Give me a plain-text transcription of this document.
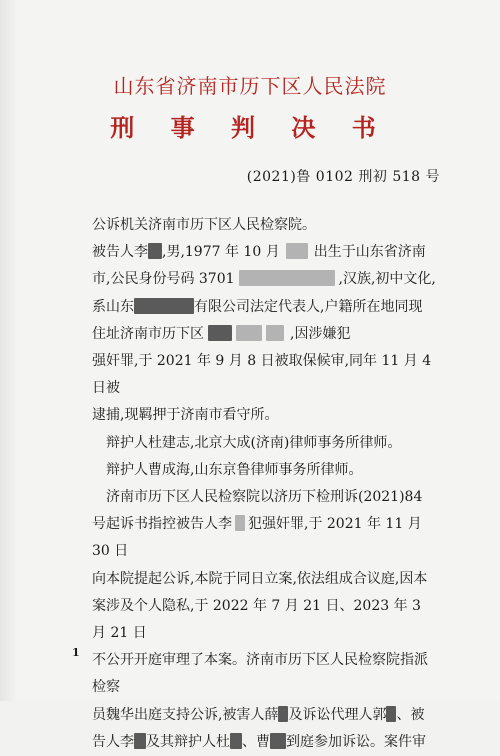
山东省济南市历下区人民法院
刑 事 判 决 书
(2021)鲁 0102 刑初 518 号

公诉机关济南市历下区人民检察院。

被告人李 ,男,1977 年 10 月 出生于山东省济南

市,公民身份号码 3701	,汉族,初中文化,

系山东	有限公司法定代表人,户籍所在地同现

住址济南市历下区	,因涉嫌犯

强奸罪,于 2021 年 9 月 8 日被取保候审,同年 11 月 4 日被

逮捕,现羁押于济南市看守所。

辩护人杜建志,北京大成(济南)律师事务所律师。

辩护人曹成海,山东京鲁律师事务所律师。

济南市历下区人民检察院以济历下检刑诉(2021)84

号起诉书指控被告人李 犯强奸罪,于 2021 年 11 月 30 日

向本院提起公诉,本院于同日立案,依法组成合议庭,因本

案涉及个人隐私,于 2022 年 7 月 21 日、2023 年 3 月 21 日

不公开开庭审理了本案。济南市历下区人民检察院指派检察

员魏华出庭支持公诉,被害人薛 及诉讼代理人郭 、被

告人李 及其辩护人杜 、曹 到庭参加诉讼。案件审

1
